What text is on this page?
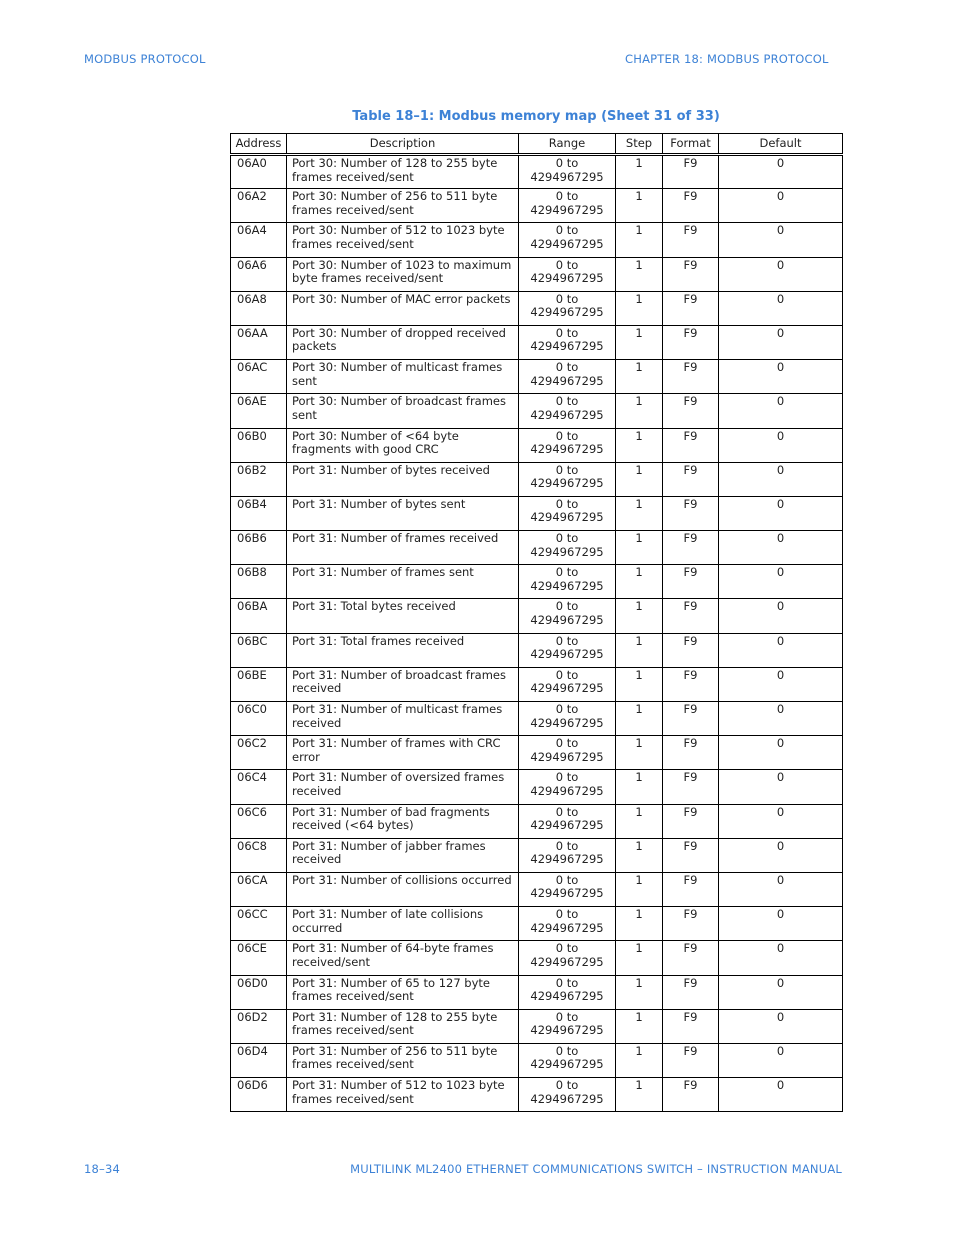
MODBUS PROTOCOL	CHAPTER 18: MODBUS PROTOCOL
Table 18–1: Modbus memory map (Sheet 31 of 33)
Address	Description	Range	Step	Format	Default

06A0	Port 30: Number of 128 to 255 byte frames received/sent	0 to
4294967295	1	F9	0

06A2	Port 30: Number of 256 to 511 byte frames received/sent	0 to
4294967295	1	F9	0

06A4	Port 30: Number of 512 to 1023 byte frames received/sent	0 to
4294967295	1	F9	0

06A6	Port 30: Number of 1023 to maximum byte frames received/sent	0 to
4294967295	1	F9	0

06A8	Port 30: Number of MAC error packets	0 to
4294967295	1	F9	0

06AA	Port 30: Number of dropped received packets	0 to
4294967295	1	F9	0

06AC	Port 30: Number of multicast frames sent	0 to
4294967295	1	F9	0

06AE	Port 30: Number of broadcast frames sent	0 to
4294967295	1	F9	0

06B0	Port 30: Number of <64 byte fragments with good CRC	0 to
4294967295	1	F9	0

06B2	Port 31: Number of bytes received	0 to
4294967295	1	F9	0

06B4	Port 31: Number of bytes sent	0 to
4294967295	1	F9	0

06B6	Port 31: Number of frames received	0 to
4294967295	1	F9	0

06B8	Port 31: Number of frames sent	0 to
4294967295	1	F9	0

06BA	Port 31: Total bytes received	0 to
4294967295	1	F9	0

06BC	Port 31: Total frames received	0 to
4294967295	1	F9	0

06BE	Port 31: Number of broadcast frames received	0 to
4294967295	1	F9	0

06C0	Port 31: Number of multicast frames received	0 to
4294967295	1	F9	0

06C2	Port 31: Number of frames with CRC error	0 to
4294967295	1	F9	0

06C4	Port 31: Number of oversized frames received	0 to
4294967295	1	F9	0

06C6	Port 31: Number of bad fragments received (<64 bytes)	0 to
4294967295	1	F9	0

06C8	Port 31: Number of jabber frames received	0 to
4294967295	1	F9	0

06CA	Port 31: Number of collisions occurred	0 to
4294967295	1	F9	0

06CC	Port 31: Number of late collisions occurred	0 to
4294967295	1	F9	0

06CE	Port 31: Number of 64-byte frames received/sent	0 to
4294967295	1	F9	0

06D0	Port 31: Number of 65 to 127 byte frames received/sent	0 to
4294967295	1	F9	0

06D2	Port 31: Number of 128 to 255 byte frames received/sent	0 to
4294967295	1	F9	0

06D4	Port 31: Number of 256 to 511 byte frames received/sent	0 to
4294967295	1	F9	0

06D6	Port 31: Number of 512 to 1023 byte frames received/sent	0 to
4294967295	1	F9	0
18–34	MULTILINK ML2400 ETHERNET COMMUNICATIONS SWITCH – INSTRUCTION MANUAL
